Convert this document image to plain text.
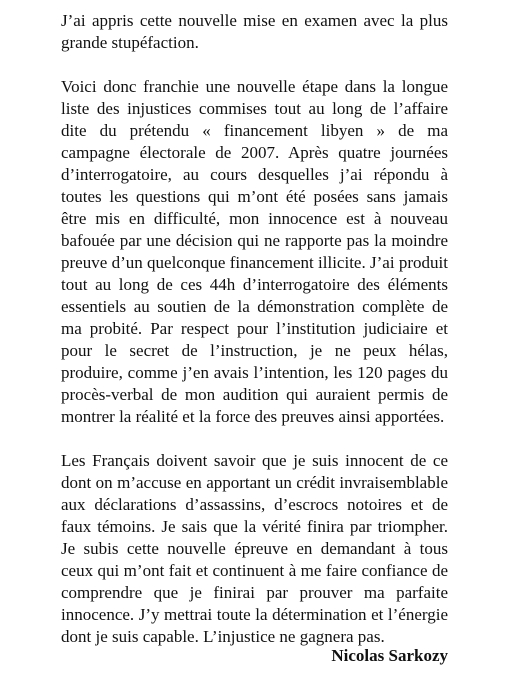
J’ai appris cette nouvelle mise en examen avec la plus grande stupéfaction.

Voici donc franchie une nouvelle étape dans la longue liste des injustices commises tout au long de l’affaire dite du prétendu « financement libyen » de ma campagne électorale de 2007. Après quatre journées d’interrogatoire, au cours desquelles j’ai répondu à toutes les questions qui m’ont été posées sans jamais être mis en difficulté, mon innocence est à nouveau bafouée par une décision qui ne rapporte pas la moindre preuve d’un quelconque financement illicite. J’ai produit tout au long de ces 44h d’interrogatoire des éléments essentiels au soutien de la démonstration complète de ma probité. Par respect pour l’institution judiciaire et pour le secret de l’instruction, je ne peux hélas, produire, comme j’en avais l’intention, les 120 pages du procès-verbal de mon audition qui auraient permis de montrer la réalité et la force des preuves ainsi apportées.

Les Français doivent savoir que je suis innocent de ce dont on m’accuse en apportant un crédit invraisemblable aux déclarations d’assassins, d’escrocs notoires et de faux témoins. Je sais que la vérité finira par triompher. Je subis cette nouvelle épreuve en demandant à tous ceux qui m’ont fait et continuent à me faire confiance de comprendre que je finirai par prouver ma parfaite innocence. J’y mettrai toute la détermination et l’énergie dont je suis capable. L’injustice ne gagnera pas.

Nicolas Sarkozy
